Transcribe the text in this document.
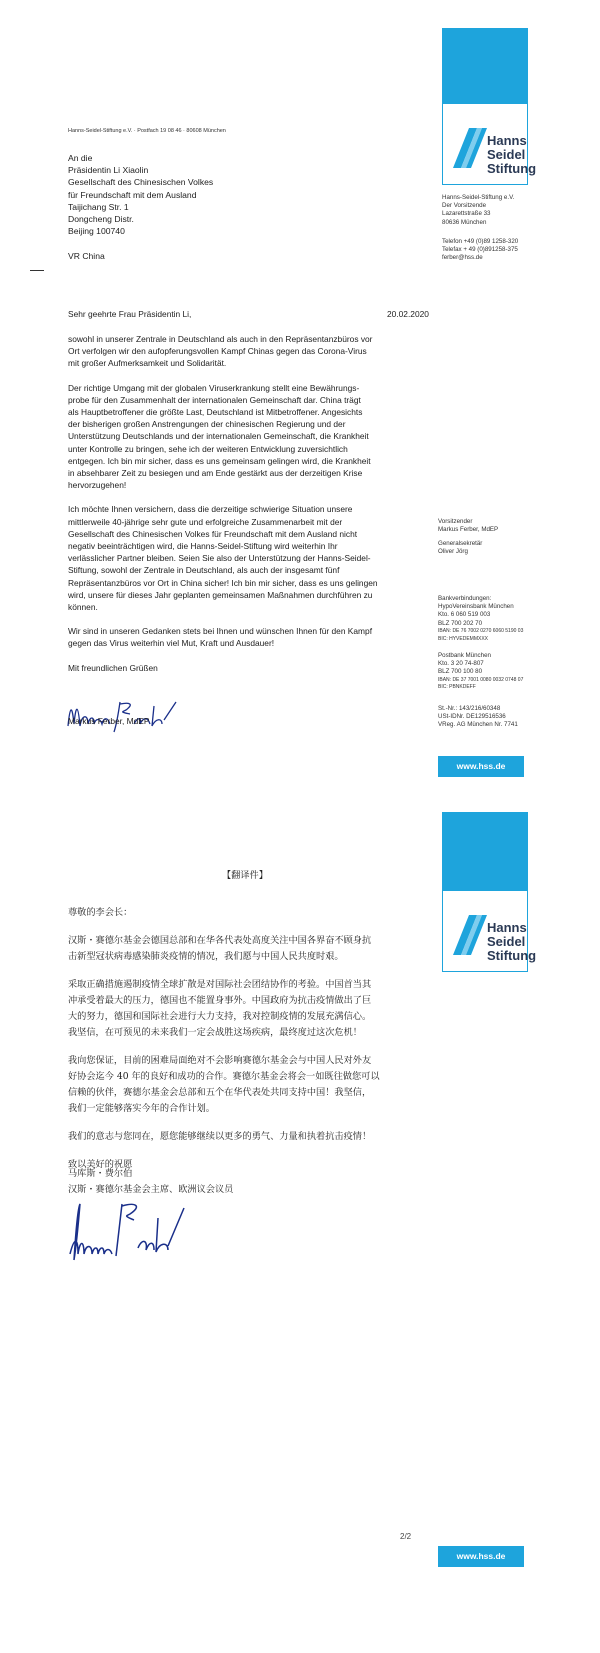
Hanns
Seidel
Stiftung
Hanns-Seidel-Stiftung e.V. · Postfach 19 08 46 · 80608 München
An die
Präsidentin Li Xiaolin
Gesellschaft des Chinesischen Volkes
für Freundschaft mit dem Ausland
Taijichang Str. 1
Dongcheng Distr.
Beijing 100740
VR China
Hanns-Seidel-Stiftung e.V.
Der Vorsitzende
Lazarettstraße 33
80636 München
Telefon +49 (0)89 1258-320
Telefax + 49 (0)891258-375
ferber@hss.de
Sehr geehrte Frau Präsidentin Li,	20.02.2020
sowohl in unserer Zentrale in Deutschland als auch in den Repräsentanzbüros vor
Ort verfolgen wir den aufopferungsvollen Kampf Chinas gegen das Corona-Virus
mit großer Aufmerksamkeit und Solidarität.
Der richtige Umgang mit der globalen Viruserkrankung stellt eine Bewährungs-
probe für den Zusammenhalt der internationalen Gemeinschaft dar. China trägt
als Hauptbetroffener die größte Last, Deutschland ist Mitbetroffener. Angesichts
der bisherigen großen Anstrengungen der chinesischen Regierung und der
Unterstützung Deutschlands und der internationalen Gemeinschaft, die Krankheit
unter Kontrolle zu bringen, sehe ich der weiteren Entwicklung zuversichtlich
entgegen. Ich bin mir sicher, dass es uns gemeinsam gelingen wird, die Krankheit
in absehbarer Zeit zu besiegen und am Ende gestärkt aus der derzeitigen Krise
hervorzugehen!
Ich möchte Ihnen versichern, dass die derzeitige schwierige Situation unsere
mittlerweile 40-jährige sehr gute und erfolgreiche Zusammenarbeit mit der
Gesellschaft des Chinesischen Volkes für Freundschaft mit dem Ausland nicht
negativ beeinträchtigen wird, die Hanns-Seidel-Stiftung wird weiterhin Ihr
verlässlicher Partner bleiben. Seien Sie also der Unterstützung der Hanns-Seidel-
Stiftung, sowohl der Zentrale in Deutschland, als auch der insgesamt fünf
Repräsentanzbüros vor Ort in China sicher! Ich bin mir sicher, dass es uns gelingen
wird, unsere für dieses Jahr geplanten gemeinsamen Maßnahmen durchführen zu
können.
Wir sind in unseren Gedanken stets bei Ihnen und wünschen Ihnen für den Kampf
gegen das Virus weiterhin viel Mut, Kraft und Ausdauer!
Mit freundlichen Grüßen
Markus Ferber, MdEP
Vorsitzender
Markus Ferber, MdEP
Generalsekretär
Oliver Jörg
Bankverbindungen:
HypoVereinsbank München
Kto. 6 060 519 003
BLZ 700 202 70
IBAN: DE 76 7002 0270 6060 5190 03
BIC: HYVEDEMMXXX
Postbank München
Kto. 3 20 74-807
BLZ 700 100 80
IBAN: DE 37 7001 0080 0032 0748 07
BIC: PBNKDEFF
St.-Nr.: 143/216/60348
USt-IDNr. DE129516536
VReg. AG München Nr. 7741
www.hss.de
Hanns
Seidel
Stiftung
【翻译件】
尊敬的李会长：
汉斯・赛德尔基金会德国总部和在华各代表处高度关注中国各界奋不顾身抗
击新型冠状病毒感染肺炎疫情的情况，我们愿与中国人民共度时艰。
采取正确措施遏制疫情全球扩散是对国际社会团结协作的考验。中国首当其
冲承受着最大的压力，德国也不能置身事外。中国政府为抗击疫情做出了巨
大的努力，德国和国际社会进行大力支持，我对控制疫情的发展充满信心。
我坚信，在可预见的未来我们一定会战胜这场疾病，最终度过这次危机！
我向您保证，目前的困难局面绝对不会影响赛德尔基金会与中国人民对外友
好协会迄今 40 年的良好和成功的合作。赛德尔基金会将会一如既往做您可以
信赖的伙伴，赛德尔基金会总部和五个在华代表处共同支持中国！我坚信，
我们一定能够落实今年的合作计划。
我们的意志与您同在，愿您能够继续以更多的勇气、力量和执着抗击疫情！
致以美好的祝愿
马库斯・费尔伯
汉斯・赛德尔基金会主席、欧洲议会议员
2/2
www.hss.de
